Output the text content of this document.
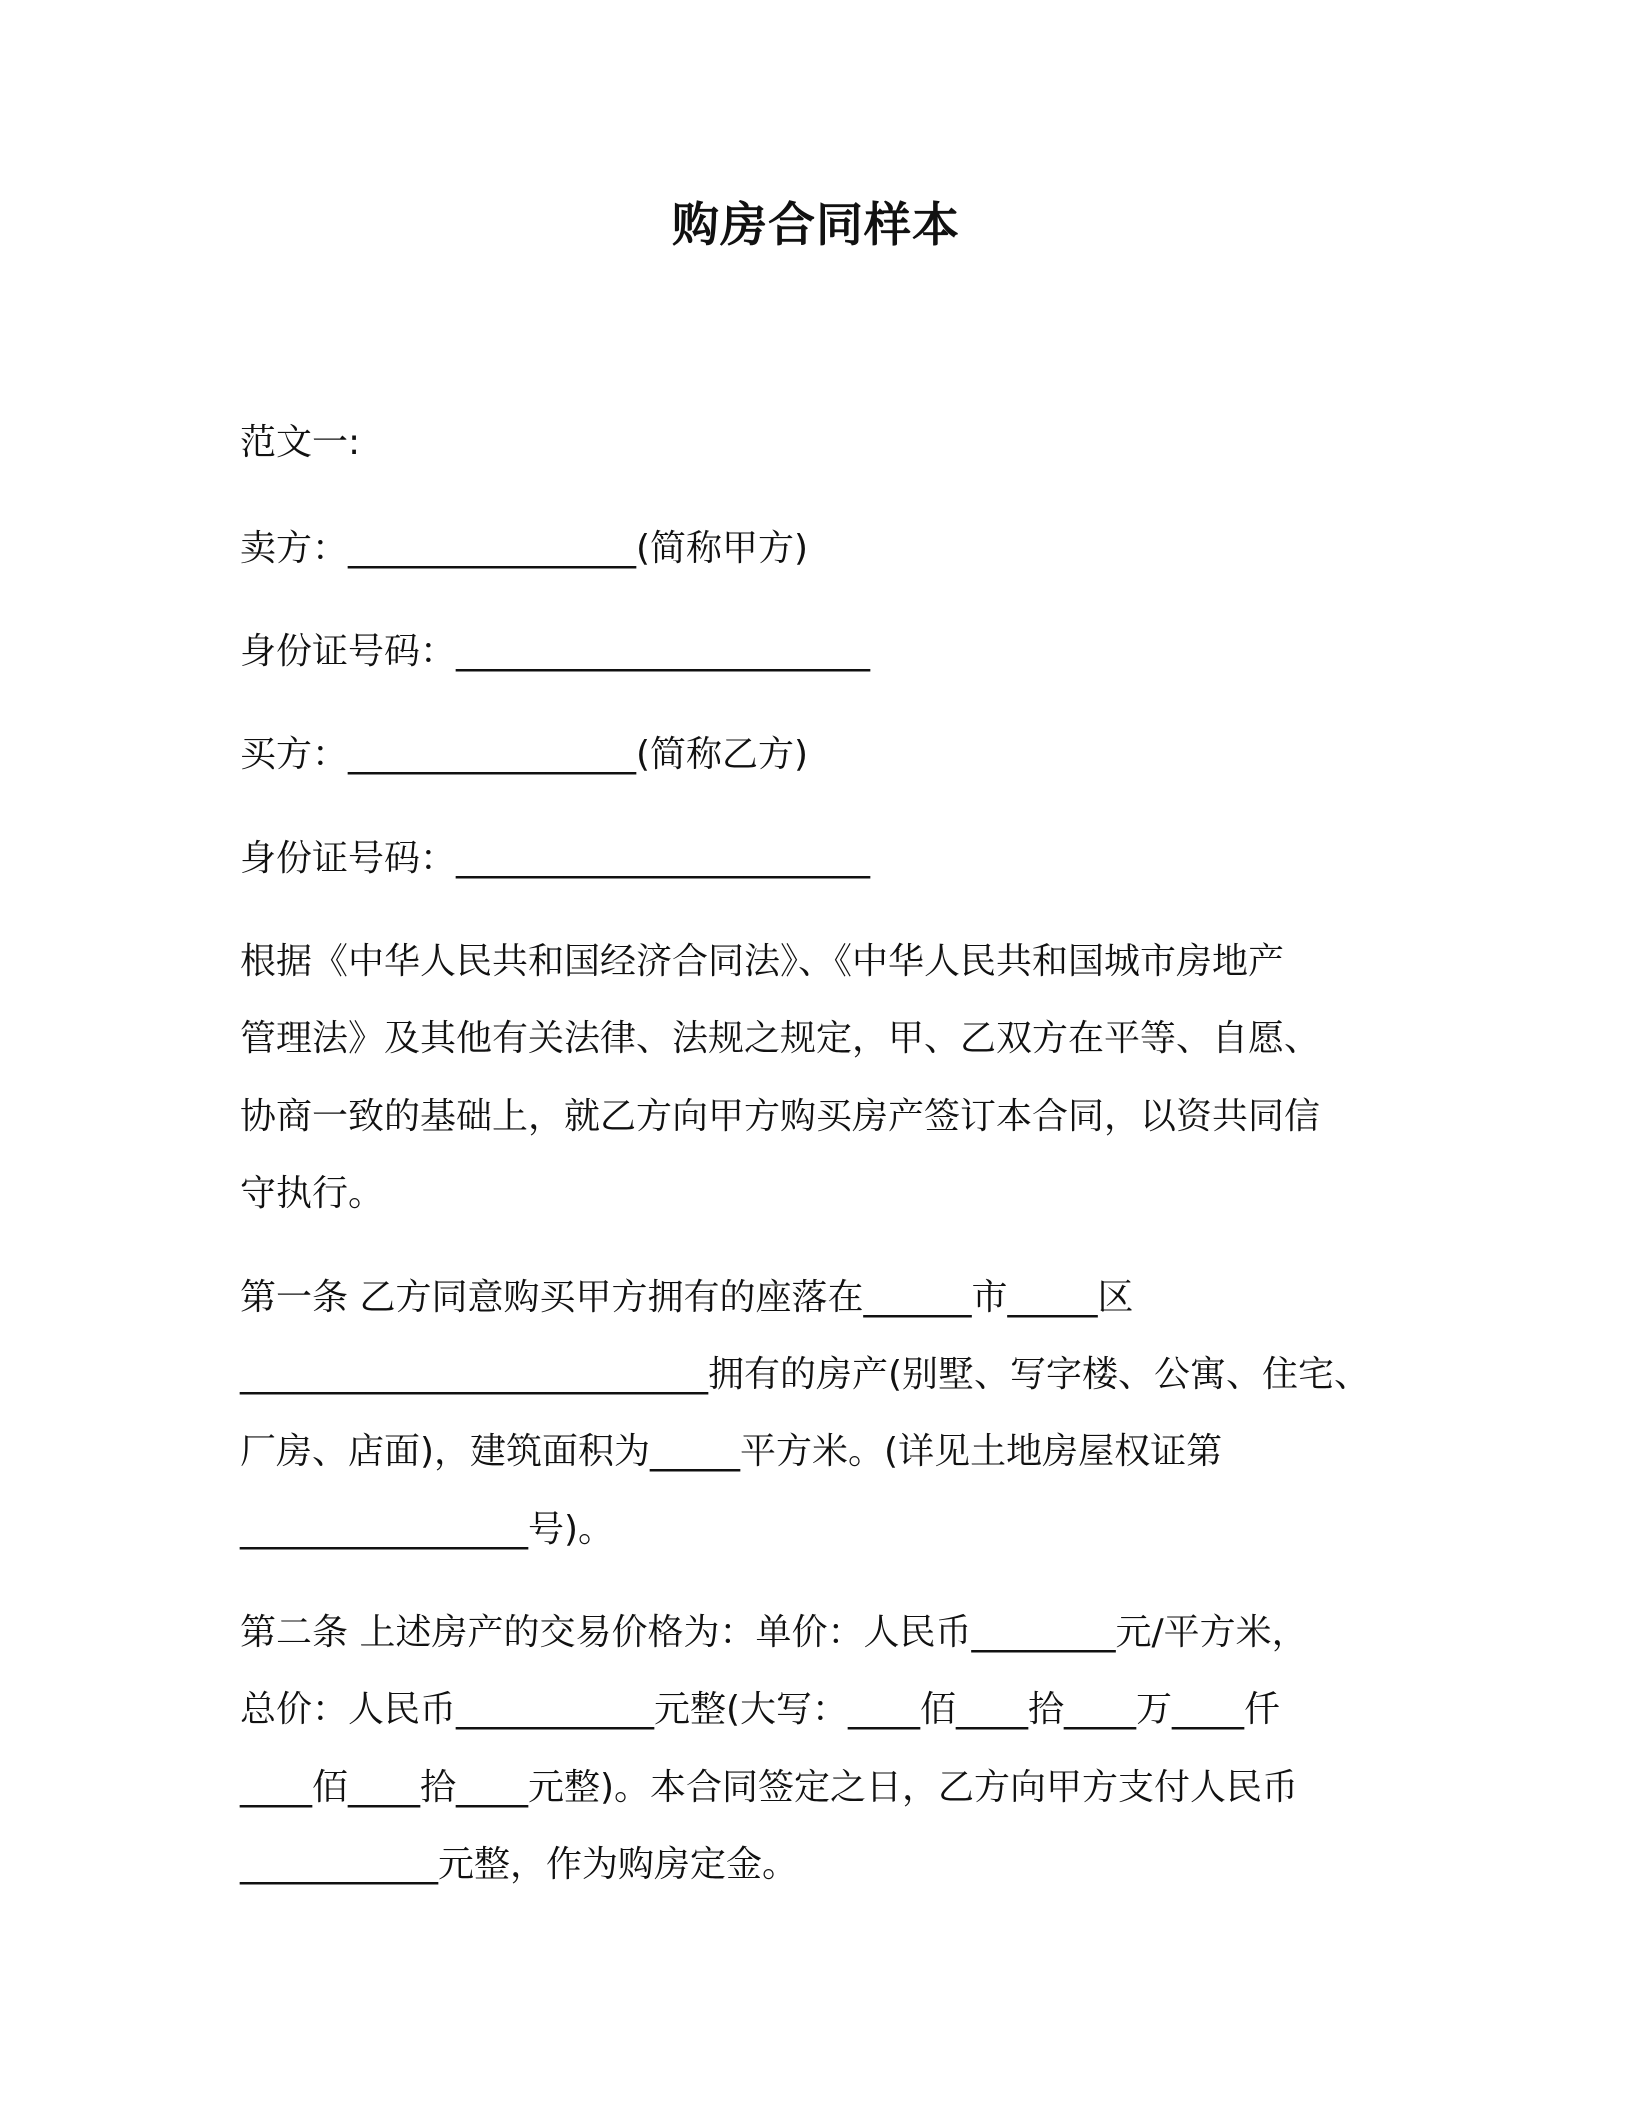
购房合同样本

范文一:

卖方：________________(简称甲方)

身份证号码：_______________________

买方：________________(简称乙方)

身份证号码：_______________________

根据《中华人民共和国经济合同法》、《中华人民共和国城市房地产

管理法》及其他有关法律、法规之规定，甲、乙双方在平等、自愿、

协商一致的基础上，就乙方向甲方购买房产签订本合同，以资共同信

守执行。

第一条 乙方同意购买甲方拥有的座落在______市_____区

__________________________拥有的房产(别墅、写字楼、公寓、住宅、

厂房、店面)，建筑面积为_____平方米。(详见土地房屋权证第

________________号)。

第二条 上述房产的交易价格为：单价：人民币________元/平方米，

总价：人民币___________元整(大写：____佰____拾____万____仟

____佰____拾____元整)。本合同签定之日，乙方向甲方支付人民币

___________元整，作为购房定金。
